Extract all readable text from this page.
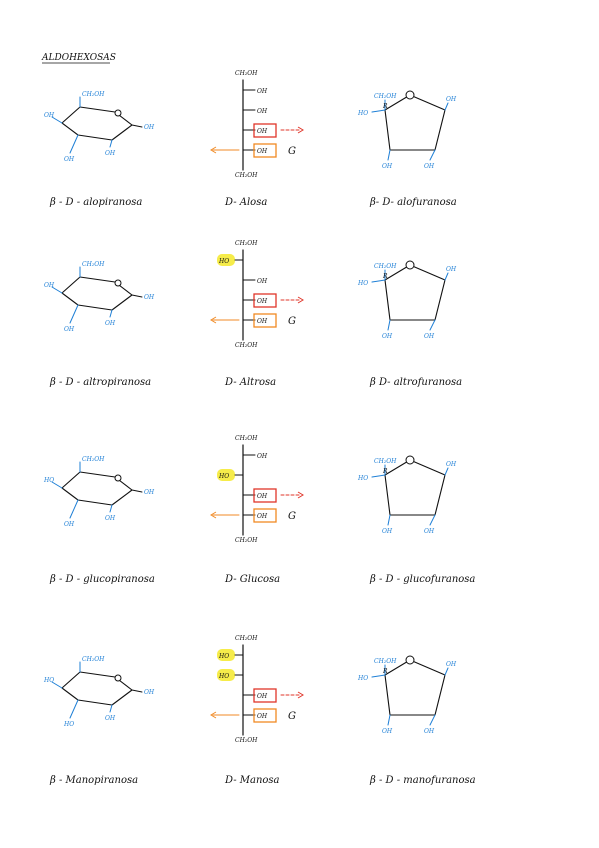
ALDOHEXOSAS
OH
CH₂OH
OH
OH
OH
β - D - alopiranosa
CH₂OH
OH
OH
OH
OH G
CH₂OH
D- Alosa
CH₂OH
HO
OH
OH	OH
R
β- D- alofuranosa
OH
CH₂OH
OH
OH
OH
β - D - altropiranosa
CH₂OH
HO
OH
OH
OH G
CH₂OH
D- Altrosa
CH₂OH
HO
OH
OH	OH
R
β D- altrofuranosa
HO
CH₂OH
OH
OH
OH
β - D - glucopiranosa
CH₂OH
OH
HO
OH
OH G
CH₂OH
D- Glucosa
CH₂OH
HO
OH
OH	OH
R
β - D - glucofuranosa
HO
CH₂OH
HO
OH
OH
β - Manopiranosa
CH₂OH
HO
HO
OH
OH G
CH₂OH
D- Manosa
CH₂OH
HO
OH
OH	OH
R
β - D - manofuranosa
